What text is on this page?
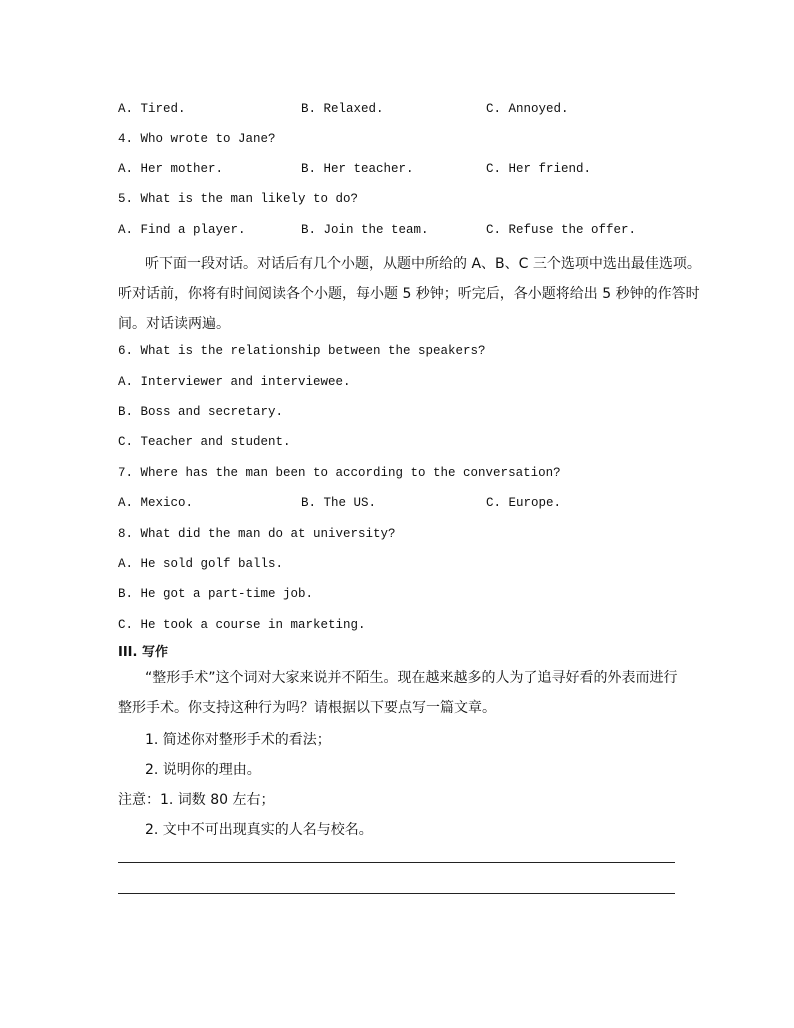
A. Tired.	B. Relaxed.	C. Annoyed.
4. Who wrote to Jane?
A. Her mother.	B. Her teacher.	C. Her friend.
5. What is the man likely to do?
A. Find a player.	B. Join the team.	C. Refuse the offer.
听下面一段对话。对话后有几个小题，从题中所给的 A、B、C 三个选项中选出最佳选项。
听对话前，你将有时间阅读各个小题，每小题 5 秒钟；听完后，各小题将给出 5 秒钟的作答时
间。对话读两遍。
6. What is the relationship between the speakers?
A. Interviewer and interviewee.
B. Boss and secretary.
C. Teacher and student.
7. Where has the man been to according to the conversation?
A. Mexico.	B. The US.	C. Europe.
8. What did the man do at university?
A. He sold golf balls.
B. He got a part-time job.
C. He took a course in marketing.
III. 写作
“整形手术”这个词对大家来说并不陌生。现在越来越多的人为了追寻好看的外表而进行
整形手术。你支持这种行为吗？请根据以下要点写一篇文章。
1. 简述你对整形手术的看法；
2. 说明你的理由。
注意：1. 词数 80 左右；
2. 文中不可出现真实的人名与校名。
